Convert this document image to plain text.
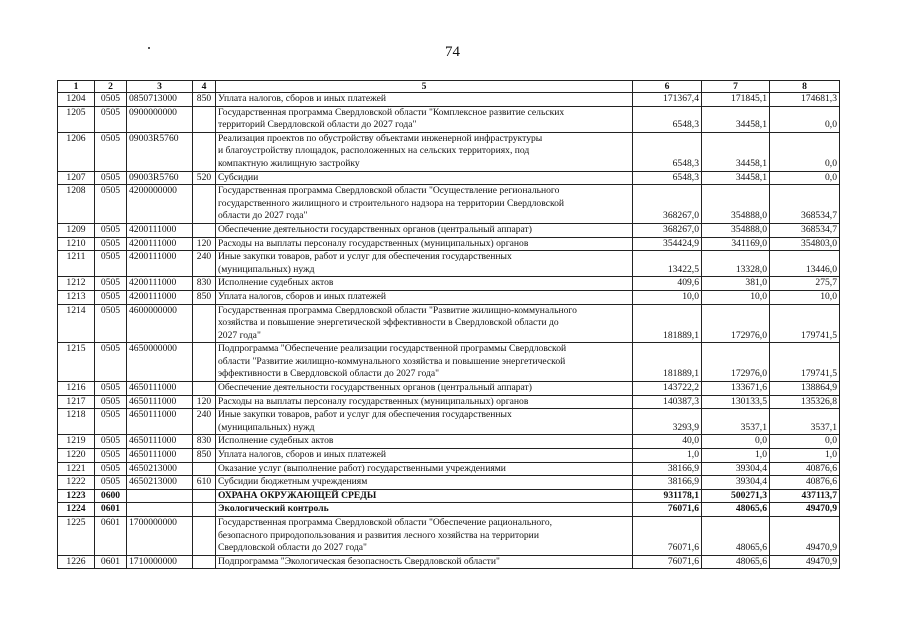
74
1	2	3	4	5	6	7	8
1204	0505	0850713000	850	Уплата налогов, сборов и иных платежей	171367,4	171845,1	174681,3
1205	0505	0900000000		Государственная программа Свердловской области "Комплексное развитие сельских
территорий Свердловской области до 2027 года"	6548,3	34458,1	0,0
1206	0505	09003R5760		Реализация проектов по обустройству объектами инженерной инфраструктуры
и благоустройству площадок, расположенных на сельских территориях, под
компактную жилищную застройку	6548,3	34458,1	0,0
1207	0505	09003R5760	520	Субсидии	6548,3	34458,1	0,0
1208	0505	4200000000		Государственная программа Свердловской области "Осуществление регионального
государственного жилищного и строительного надзора на территории Свердловской
области до 2027 года"	368267,0	354888,0	368534,7
1209	0505	4200111000		Обеспечение деятельности государственных органов (центральный аппарат)	368267,0	354888,0	368534,7
1210	0505	4200111000	120	Расходы на выплаты персоналу государственных (муниципальных) органов	354424,9	341169,0	354803,0
1211	0505	4200111000	240	Иные закупки товаров, работ и услуг для обеспечения государственных
(муниципальных) нужд	13422,5	13328,0	13446,0
1212	0505	4200111000	830	Исполнение судебных актов	409,6	381,0	275,7
1213	0505	4200111000	850	Уплата налогов, сборов и иных платежей	10,0	10,0	10,0
1214	0505	4600000000		Государственная программа Свердловской области "Развитие жилищно-коммунального
хозяйства и повышение энергетической эффективности в Свердловской области до
2027 года"	181889,1	172976,0	179741,5
1215	0505	4650000000		Подпрограмма "Обеспечение реализации государственной программы Свердловской
области "Развитие жилищно-коммунального хозяйства и повышение энергетической
эффективности в Свердловской области до 2027 года"	181889,1	172976,0	179741,5
1216	0505	4650111000		Обеспечение деятельности государственных органов (центральный аппарат)	143722,2	133671,6	138864,9
1217	0505	4650111000	120	Расходы на выплаты персоналу государственных (муниципальных) органов	140387,3	130133,5	135326,8
1218	0505	4650111000	240	Иные закупки товаров, работ и услуг для обеспечения государственных
(муниципальных) нужд	3293,9	3537,1	3537,1
1219	0505	4650111000	830	Исполнение судебных актов	40,0	0,0	0,0
1220	0505	4650111000	850	Уплата налогов, сборов и иных платежей	1,0	1,0	1,0
1221	0505	4650213000		Оказание услуг (выполнение работ) государственными учреждениями	38166,9	39304,4	40876,6
1222	0505	4650213000	610	Субсидии бюджетным учреждениям	38166,9	39304,4	40876,6
1223	0600			ОХРАНА ОКРУЖАЮЩЕЙ СРЕДЫ	931178,1	500271,3	437113,7
1224	0601			Экологический контроль	76071,6	48065,6	49470,9
1225	0601	1700000000		Государственная программа Свердловской области "Обеспечение рационального,
безопасного природопользования и развития лесного хозяйства на территории
Свердловской области до 2027 года"	76071,6	48065,6	49470,9
1226	0601	1710000000		Подпрограмма "Экологическая безопасность Свердловской области"	76071,6	48065,6	49470,9
